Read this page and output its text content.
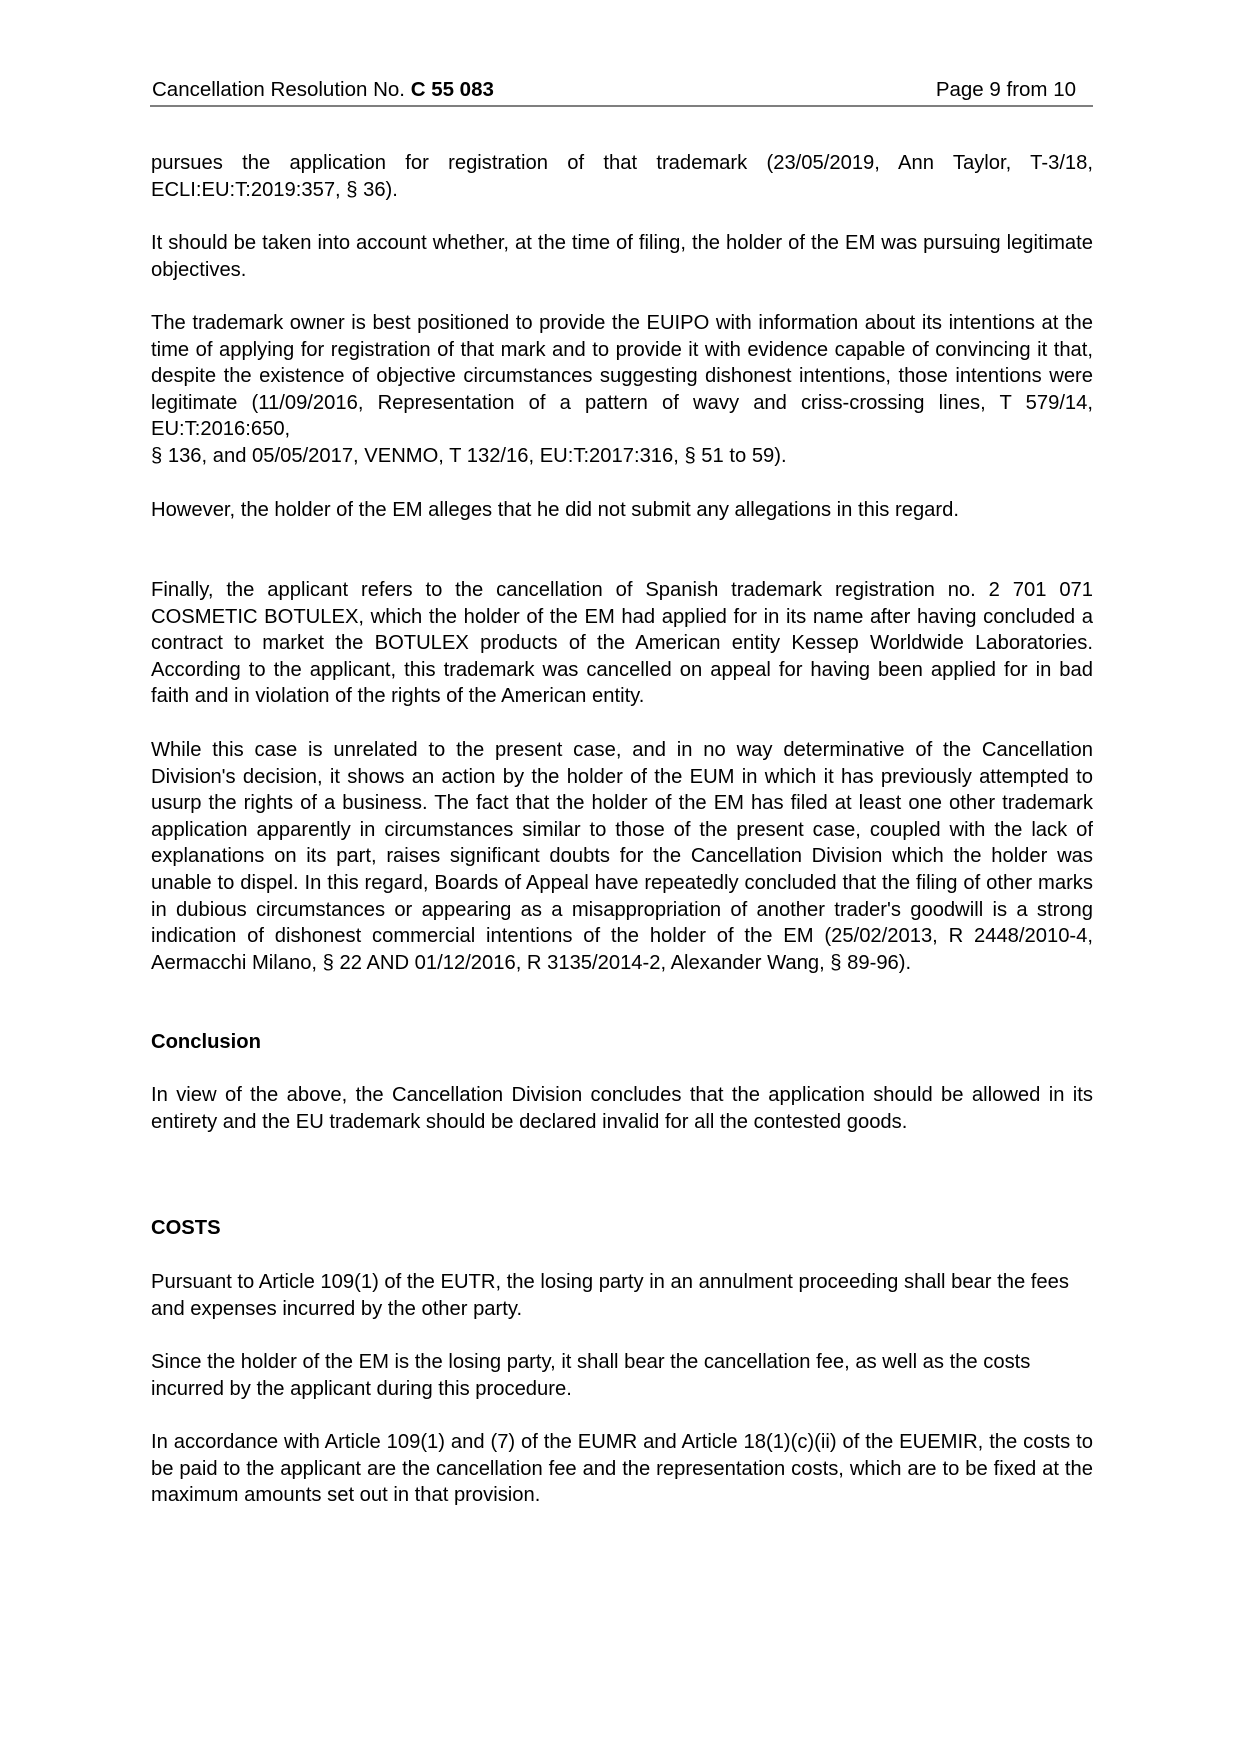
Cancellation Resolution No. C 55 083	Page 9 from 10

pursues the application for registration of that trademark (23/05/2019, Ann Taylor, T-3/18, ECLI:EU:T:2019:357, § 36).

It should be taken into account whether, at the time of filing, the holder of the EM was pursuing legitimate objectives.

The trademark owner is best positioned to provide the EUIPO with information about its intentions at the time of applying for registration of that mark and to provide it with evidence capable of convincing it that, despite the existence of objective circumstances suggesting dishonest intentions, those intentions were legitimate (11/09/2016, Representation of a pattern of wavy and criss-crossing lines, T 579/14, EU:T:2016:650,
§ 136, and 05/05/2017, VENMO, T 132/16, EU:T:2017:316, § 51 to 59).

However, the holder of the EM alleges that he did not submit any allegations in this regard.

Finally, the applicant refers to the cancellation of Spanish trademark registration no. 2 701 071 COSMETIC BOTULEX, which the holder of the EM had applied for in its name after having concluded a contract to market the BOTULEX products of the American entity Kessep Worldwide Laboratories. According to the applicant, this trademark was cancelled on appeal for having been applied for in bad faith and in violation of the rights of the American entity.

While this case is unrelated to the present case, and in no way determinative of the Cancellation Division's decision, it shows an action by the holder of the EUM in which it has previously attempted to usurp the rights of a business. The fact that the holder of the EM has filed at least one other trademark application apparently in circumstances similar to those of the present case, coupled with the lack of explanations on its part, raises significant doubts for the Cancellation Division which the holder was unable to dispel. In this regard, Boards of Appeal have repeatedly concluded that the filing of other marks in dubious circumstances or appearing as a misappropriation of another trader's goodwill is a strong indication of dishonest commercial intentions of the holder of the EM (25/02/2013, R 2448/2010-4, Aermacchi Milano, § 22 AND 01/12/2016, R 3135/2014-2, Alexander Wang, § 89-96).

Conclusion

In view of the above, the Cancellation Division concludes that the application should be allowed in its entirety and the EU trademark should be declared invalid for all the contested goods.

COSTS

Pursuant to Article 109(1) of the EUTR, the losing party in an annulment proceeding shall bear the fees and expenses incurred by the other party.

Since the holder of the EM is the losing party, it shall bear the cancellation fee, as well as the costs incurred by the applicant during this procedure.

In accordance with Article 109(1) and (7) of the EUMR and Article 18(1)(c)(ii) of the EUEMIR, the costs to be paid to the applicant are the cancellation fee and the representation costs, which are to be fixed at the maximum amounts set out in that provision.
